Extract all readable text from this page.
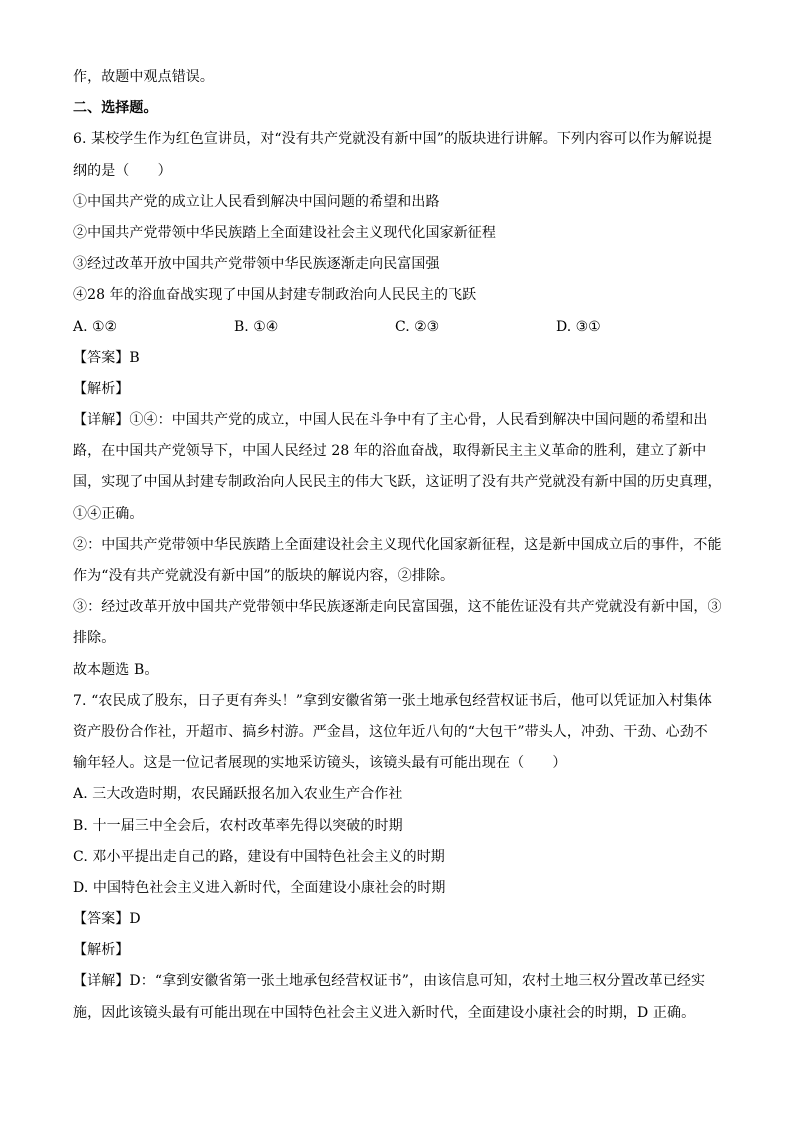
作，故题中观点错误。
二、选择题。
6. 某校学生作为红色宣讲员，对“没有共产党就没有新中国”的版块进行讲解。下列内容可以作为解说提
纲的是（　　）
①中国共产党的成立让人民看到解决中国问题的希望和出路
②中国共产党带领中华民族踏上全面建设社会主义现代化国家新征程
③经过改革开放中国共产党带领中华民族逐渐走向民富国强
④28 年的浴血奋战实现了中国从封建专制政治向人民民主的飞跃
A. ①②	B. ①④	C. ②③	D. ③①
【答案】B
【解析】
【详解】①④：中国共产党的成立，中国人民在斗争中有了主心骨，人民看到解决中国问题的希望和出
路，在中国共产党领导下，中国人民经过 28 年的浴血奋战，取得新民主主义革命的胜利，建立了新中
国，实现了中国从封建专制政治向人民民主的伟大飞跃，这证明了没有共产党就没有新中国的历史真理，
①④正确。
②：中国共产党带领中华民族踏上全面建设社会主义现代化国家新征程，这是新中国成立后的事件，不能
作为“没有共产党就没有新中国”的版块的解说内容，②排除。
③：经过改革开放中国共产党带领中华民族逐渐走向民富国强，这不能佐证没有共产党就没有新中国，③
排除。
故本题选 B。
7. “农民成了股东，日子更有奔头！”拿到安徽省第一张土地承包经营权证书后，他可以凭证加入村集体
资产股份合作社，开超市、搞乡村游。严金昌，这位年近八旬的“大包干”带头人，冲劲、干劲、心劲不
输年轻人。这是一位记者展现的实地采访镜头，该镜头最有可能出现在（　　）
A. 三大改造时期，农民踊跃报名加入农业生产合作社
B. 十一届三中全会后，农村改革率先得以突破的时期
C. 邓小平提出走自己的路，建设有中国特色社会主义的时期
D. 中国特色社会主义进入新时代，全面建设小康社会的时期
【答案】D
【解析】
【详解】D：“拿到安徽省第一张土地承包经营权证书”，由该信息可知，农村土地三权分置改革已经实
施，因此该镜头最有可能出现在中国特色社会主义进入新时代，全面建设小康社会的时期，D 正确。
